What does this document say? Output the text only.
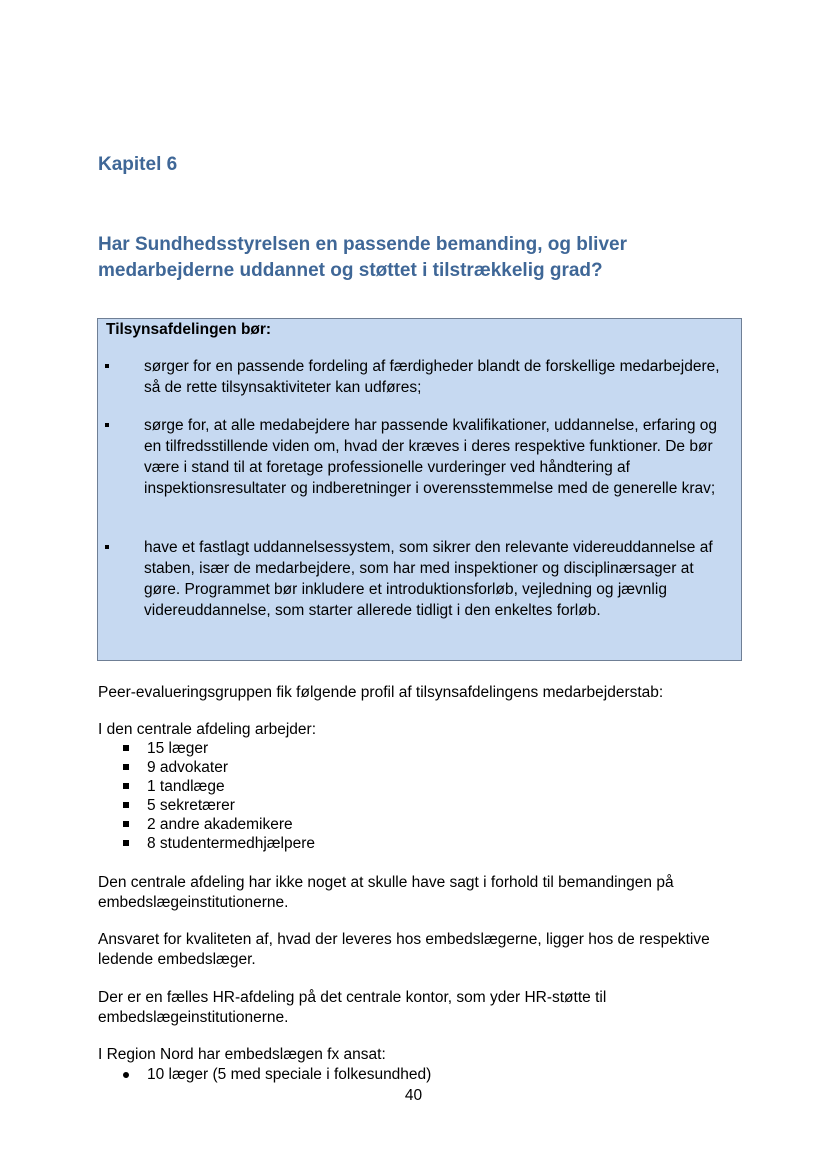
Kapitel 6
Har Sundhedsstyrelsen en passende bemanding, og bliver medarbejderne uddannet og støttet i tilstrækkelig grad?

Tilsynsafdelingen bør:

sørger for en passende fordeling af færdigheder blandt de forskellige medarbejdere, så de rette tilsynsaktiviteter kan udføres;
sørge for, at alle medabejdere har passende kvalifikationer, uddannelse, erfaring og en tilfredsstillende viden om, hvad der kræves i deres respektive funktioner. De bør være i stand til at foretage professionelle vurderinger ved håndtering af inspektionsresultater og indberetninger i overensstemmelse med de generelle krav;
have et fastlagt uddannelsessystem, som sikrer den relevante videreuddannelse af staben, især de medarbejdere, som har med inspektioner og disciplinærsager at gøre. Programmet bør inkludere et introduktionsforløb, vejledning og jævnlig videreuddannelse, som starter allerede tidligt i den enkeltes forløb.

Peer-evalueringsgruppen fik følgende profil af tilsynsafdelingens medarbejderstab:

I den centrale afdeling arbejder:

15 læger
9 advokater
1 tandlæge
5 sekretærer
2 andre akademikere
8 studentermedhjælpere

Den centrale afdeling har ikke noget at skulle have sagt i forhold til bemandingen på embedslægeinstitutionerne.

Ansvaret for kvaliteten af, hvad der leveres hos embedslægerne, ligger hos de respektive ledende embedslæger.

Der er en fælles HR-afdeling på det centrale kontor, som yder HR-støtte til embedslægeinstitutionerne.

I Region Nord har embedslægen fx ansat:

10 læger (5 med speciale i folkesundhed)
40
